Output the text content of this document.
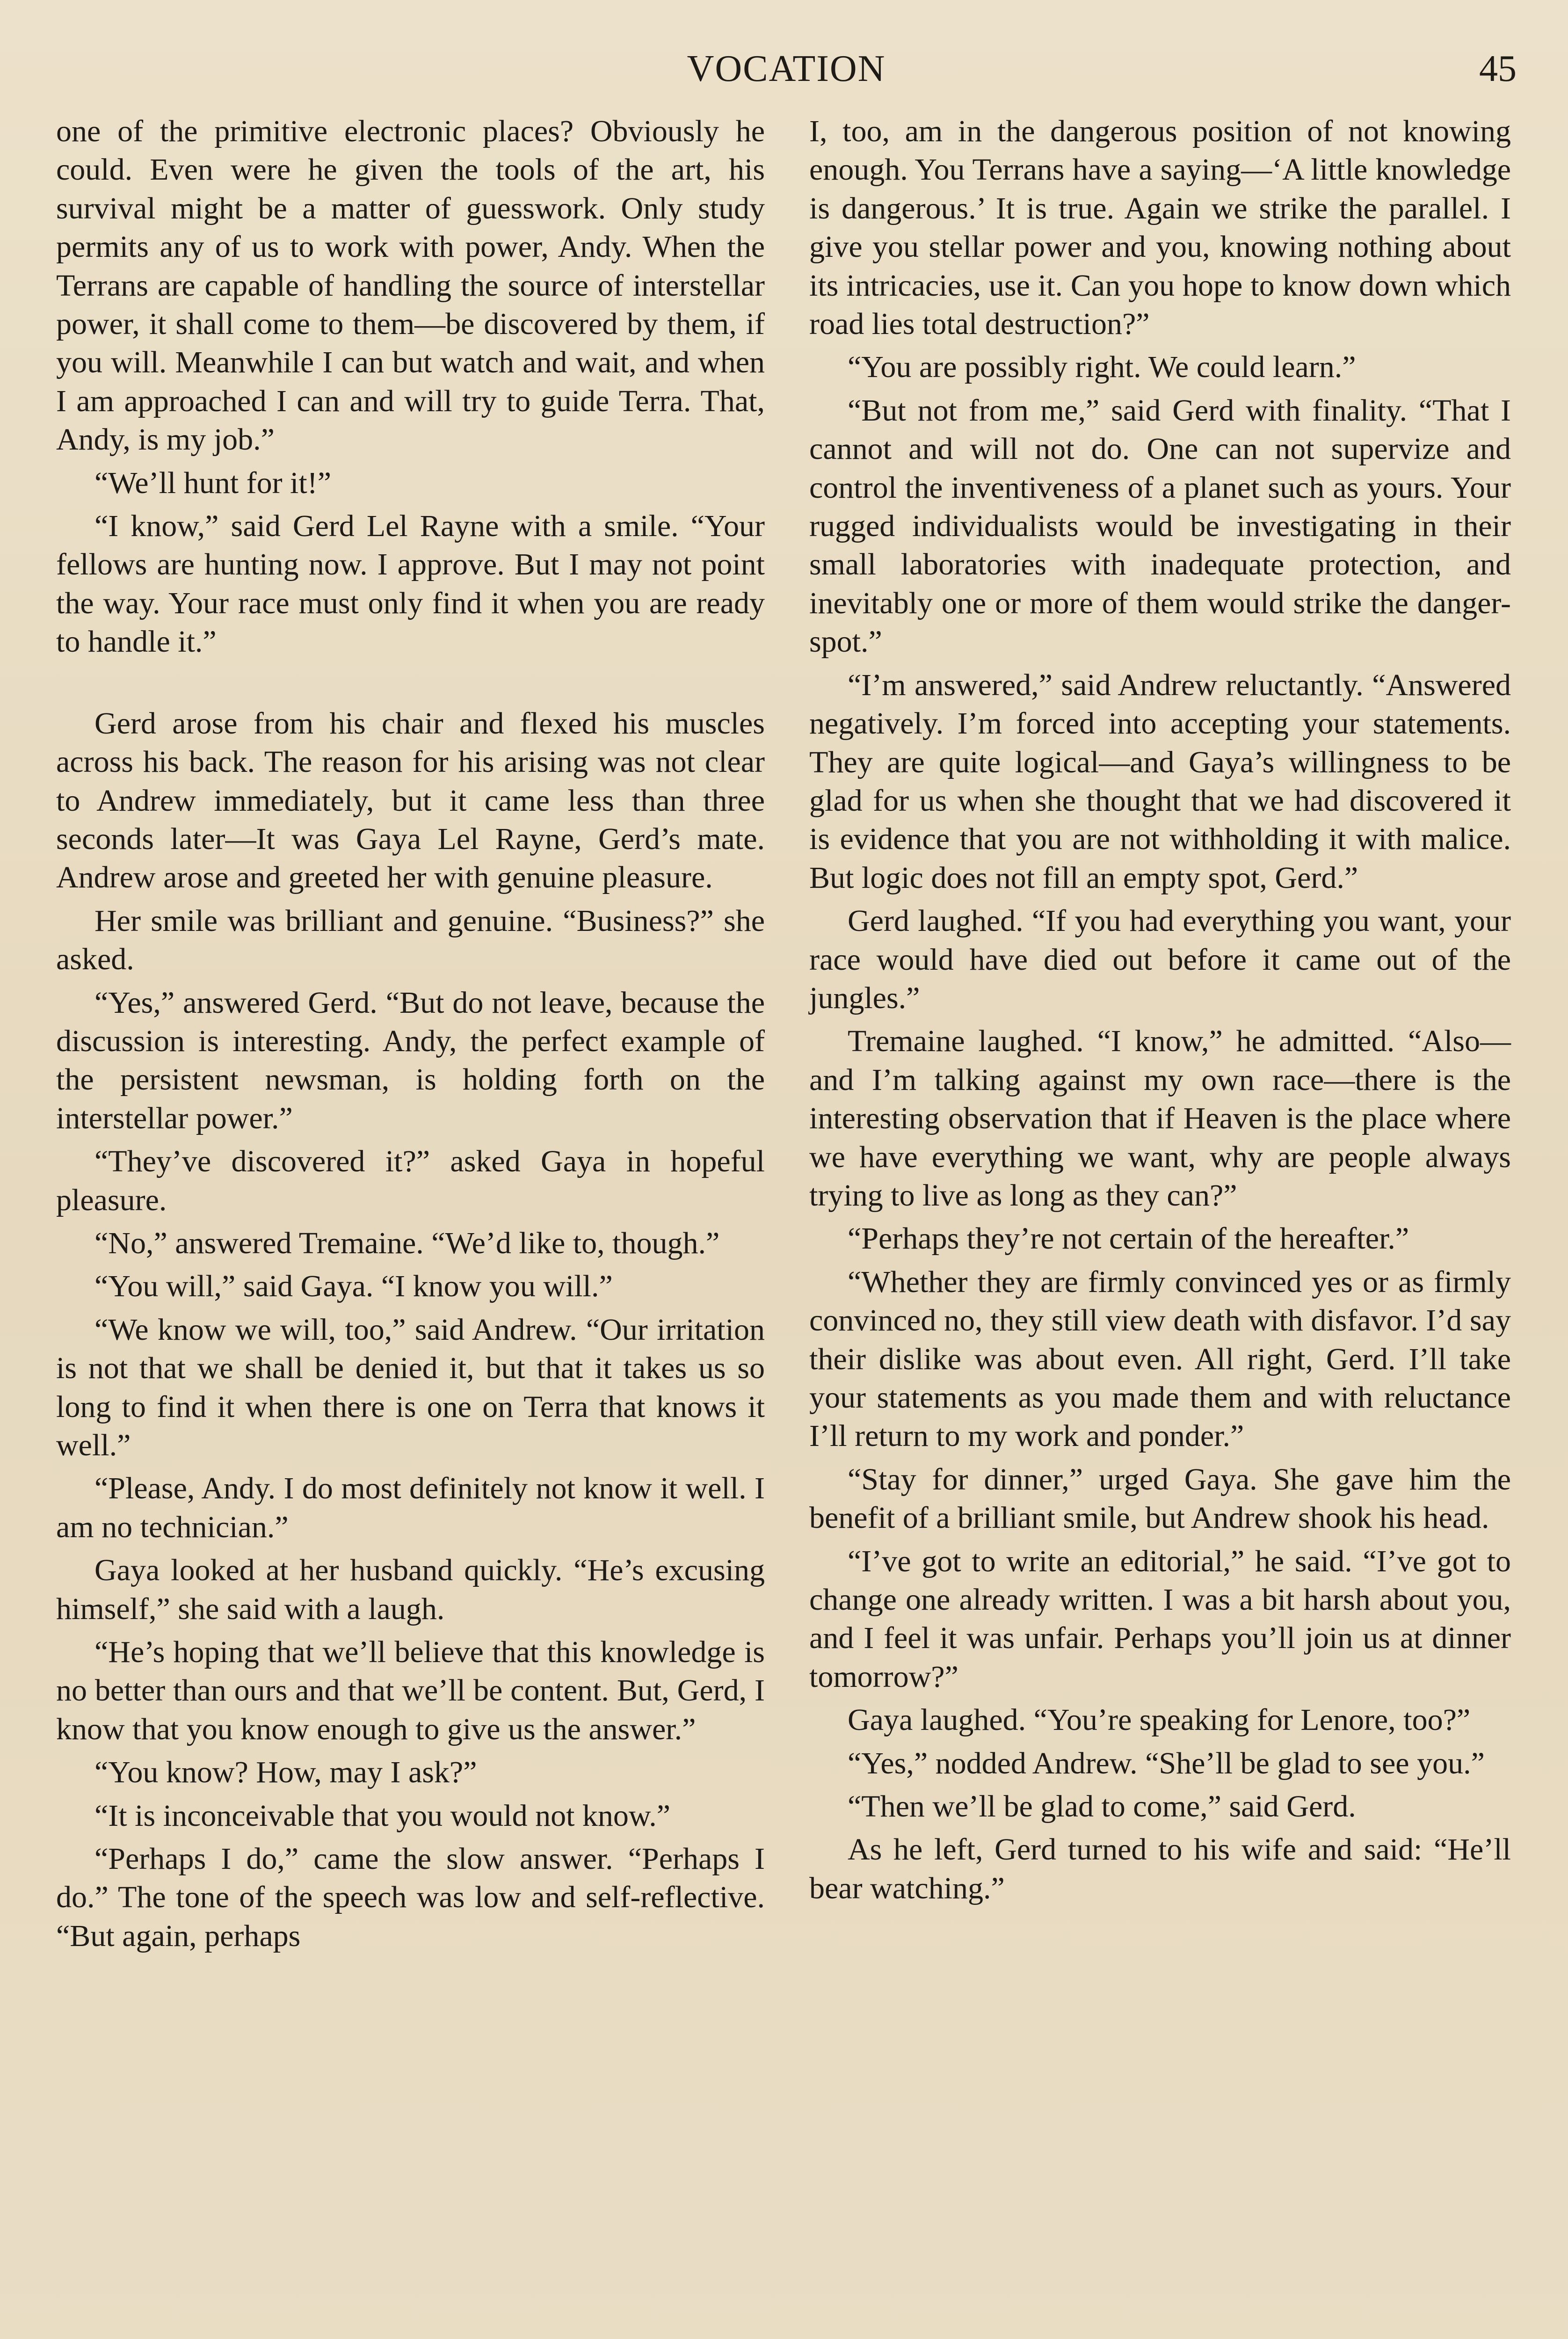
VOCATION	45

one of the primitive electronic places? Obviously he could. Even were he given the tools of the art, his survival might be a matter of guesswork. Only study permits any of us to work with power, Andy. When the Terrans are capable of handling the source of interstellar power, it shall come to them—be discovered by them, if you will. Meanwhile I can but watch and wait, and when I am approached I can and will try to guide Terra. That, Andy, is my job.”

“We’ll hunt for it!”

“I know,” said Gerd Lel Rayne with a smile. “Your fellows are hunting now. I approve. But I may not point the way. Your race must only find it when you are ready to handle it.”

Gerd arose from his chair and flexed his muscles across his back. The reason for his arising was not clear to Andrew immediately, but it came less than three seconds later—It was Gaya Lel Rayne, Gerd’s mate. Andrew arose and greeted her with genuine pleasure.

Her smile was brilliant and genuine. “Business?” she asked.

“Yes,” answered Gerd. “But do not leave, because the discussion is interesting. Andy, the perfect example of the persistent newsman, is holding forth on the interstellar power.”

“They’ve discovered it?” asked Gaya in hopeful pleasure.

“No,” answered Tremaine. “We’d like to, though.”

“You will,” said Gaya. “I know you will.”

“We know we will, too,” said Andrew. “Our irritation is not that we shall be denied it, but that it takes us so long to find it when there is one on Terra that knows it well.”

“Please, Andy. I do most definitely not know it well. I am no technician.”

Gaya looked at her husband quickly. “He’s excusing himself,” she said with a laugh.

“He’s hoping that we’ll believe that this knowledge is no better than ours and that we’ll be content. But, Gerd, I know that you know enough to give us the answer.”

“You know? How, may I ask?”

“It is inconceivable that you would not know.”

“Perhaps I do,” came the slow answer. “Perhaps I do.” The tone of the speech was low and self-reflective. “But again, perhaps

I, too, am in the dangerous position of not knowing enough. You Terrans have a saying—‘A little knowledge is dangerous.’ It is true. Again we strike the parallel. I give you stellar power and you, knowing nothing about its intricacies, use it. Can you hope to know down which road lies total destruction?”

“You are possibly right. We could learn.”

“But not from me,” said Gerd with finality. “That I cannot and will not do. One can not supervize and control the inventiveness of a planet such as yours. Your rugged individualists would be investigating in their small laboratories with inadequate protection, and inevitably one or more of them would strike the danger-spot.”

“I’m answered,” said Andrew reluctantly. “Answered negatively. I’m forced into accepting your statements. They are quite logical—and Gaya’s willingness to be glad for us when she thought that we had discovered it is evidence that you are not withholding it with malice. But logic does not fill an empty spot, Gerd.”

Gerd laughed. “If you had everything you want, your race would have died out before it came out of the jungles.”

Tremaine laughed. “I know,” he admitted. “Also—and I’m talking against my own race—there is the interesting observation that if Heaven is the place where we have everything we want, why are people always trying to live as long as they can?”

“Perhaps they’re not certain of the hereafter.”

“Whether they are firmly convinced yes or as firmly convinced no, they still view death with disfavor. I’d say their dislike was about even. All right, Gerd. I’ll take your statements as you made them and with reluctance I’ll return to my work and ponder.”

“Stay for dinner,” urged Gaya. She gave him the benefit of a brilliant smile, but Andrew shook his head.

“I’ve got to write an editorial,” he said. “I’ve got to change one already written. I was a bit harsh about you, and I feel it was unfair. Perhaps you’ll join us at dinner tomorrow?”

Gaya laughed. “You’re speaking for Lenore, too?”

“Yes,” nodded Andrew. “She’ll be glad to see you.”

“Then we’ll be glad to come,” said Gerd.

As he left, Gerd turned to his wife and said: “He’ll bear watching.”
